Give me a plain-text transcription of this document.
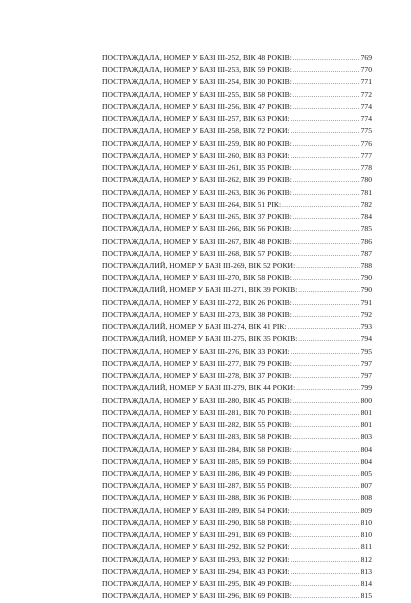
ПОСТРАЖДАЛА, НОМЕР У БАЗІ III-252, ВІК 48 РОКІВ: .....	769
ПОСТРАЖДАЛА, НОМЕР У БАЗІ III-253, ВІК 59 РОКІВ: .....	770
ПОСТРАЖДАЛА, НОМЕР У БАЗІ III-254, ВІК 30 РОКІВ: .....	771
ПОСТРАЖДАЛА, НОМЕР У БАЗІ III-255, ВІК 58 РОКІВ: .....	772
ПОСТРАЖДАЛА, НОМЕР У БАЗІ III-256, ВІК 47 РОКІВ: .....	774
ПОСТРАЖДАЛА, НОМЕР У БАЗІ III-257, ВІК 63 РОКИ: .....	774
ПОСТРАЖДАЛА, НОМЕР У БАЗІ III-258, ВІК 72 РОКИ: .....	775
ПОСТРАЖДАЛА, НОМЕР У БАЗІ III-259, ВІК 80 РОКІВ: .....	776
ПОСТРАЖДАЛА, НОМЕР У БАЗІ III-260, ВІК 83 РОКИ: .....	777
ПОСТРАЖДАЛА, НОМЕР У БАЗІ III-261, ВІК 35 РОКІВ: .....	778
ПОСТРАЖДАЛА, НОМЕР У БАЗІ III-262, ВІК 39 РОКІВ: .....	780
ПОСТРАЖДАЛА, НОМЕР У БАЗІ III-263, ВІК 36 РОКІВ: .....	781
ПОСТРАЖДАЛА, НОМЕР У БАЗІ III-264, ВІК 51 РІК: .....	782
ПОСТРАЖДАЛА, НОМЕР У БАЗІ III-265, ВІК 37 РОКІВ: .....	784
ПОСТРАЖДАЛА, НОМЕР У БАЗІ III-266, ВІК 56 РОКІВ: .....	785
ПОСТРАЖДАЛА, НОМЕР У БАЗІ III-267, ВІК 48 РОКІВ: .....	786
ПОСТРАЖДАЛА, НОМЕР У БАЗІ III-268, ВІК 57 РОКІВ: .....	787
ПОСТРАЖДАЛИЙ, НОМЕР У БАЗІ III-269, ВІК 52 РОКИ: .....	788
ПОСТРАЖДАЛА, НОМЕР У БАЗІ III-270, ВІК 58 РОКІВ: .....	790
ПОСТРАЖДАЛИЙ, НОМЕР У БАЗІ III-271, ВІК 39 РОКІВ: .....	790
ПОСТРАЖДАЛА, НОМЕР У БАЗІ III-272, ВІК 26 РОКІВ: .....	791
ПОСТРАЖДАЛА, НОМЕР У БАЗІ III-273, ВІК 38 РОКІВ: .....	792
ПОСТРАЖДАЛИЙ, НОМЕР У БАЗІ III-274, ВІК 41 РІК: .....	793
ПОСТРАЖДАЛИЙ, НОМЕР У БАЗІ III-275, ВІК 35 РОКІВ: .....	794
ПОСТРАЖДАЛА, НОМЕР У БАЗІ III-276, ВІК 33 РОКИ: .....	795
ПОСТРАЖДАЛА, НОМЕР У БАЗІ III-277, ВІК 79 РОКІВ: .....	797
ПОСТРАЖДАЛА, НОМЕР У БАЗІ III-278, ВІК 37 РОКІВ: .....	797
ПОСТРАЖДАЛИЙ, НОМЕР У БАЗІ III-279, ВІК 44 РОКИ: .....	799
ПОСТРАЖДАЛА, НОМЕР У БАЗІ III-280, ВІК 45 РОКІВ: .....	800
ПОСТРАЖДАЛА, НОМЕР У БАЗІ III-281, ВІК 70 РОКІВ: .....	801
ПОСТРАЖДАЛА, НОМЕР У БАЗІ III-282, ВІК 55 РОКІВ: .....	801
ПОСТРАЖДАЛА, НОМЕР У БАЗІ III-283, ВІК 58 РОКІВ: .....	803
ПОСТРАЖДАЛА, НОМЕР У БАЗІ III-284, ВІК 58 РОКІВ: .....	804
ПОСТРАЖДАЛА, НОМЕР У БАЗІ III-285, ВІК 59 РОКІВ: .....	804
ПОСТРАЖДАЛА, НОМЕР У БАЗІ III-286, ВІК 49 РОКІВ: .....	805
ПОСТРАЖДАЛА, НОМЕР У БАЗІ III-287, ВІК 55 РОКІВ: .....	807
ПОСТРАЖДАЛА, НОМЕР У БАЗІ III-288, ВІК 36 РОКІВ: .....	808
ПОСТРАЖДАЛА, НОМЕР У БАЗІ III-289, ВІК 54 РОКИ: .....	809
ПОСТРАЖДАЛА, НОМЕР У БАЗІ III-290, ВІК 58 РОКІВ: .....	810
ПОСТРАЖДАЛА, НОМЕР У БАЗІ III-291, ВІК 69 РОКІВ: .....	810
ПОСТРАЖДАЛА, НОМЕР У БАЗІ III-292, ВІК 52 РОКИ: .....	811
ПОСТРАЖДАЛА, НОМЕР У БАЗІ III-293, ВІК 32 РОКИ: .....	812
ПОСТРАЖДАЛА, НОМЕР У БАЗІ III-294, ВІК 43 РОКИ: .....	813
ПОСТРАЖДАЛА, НОМЕР У БАЗІ III-295, ВІК 49 РОКІВ: .....	814
ПОСТРАЖДАЛА, НОМЕР У БАЗІ III-296, ВІК 69 РОКІВ: .....	815
